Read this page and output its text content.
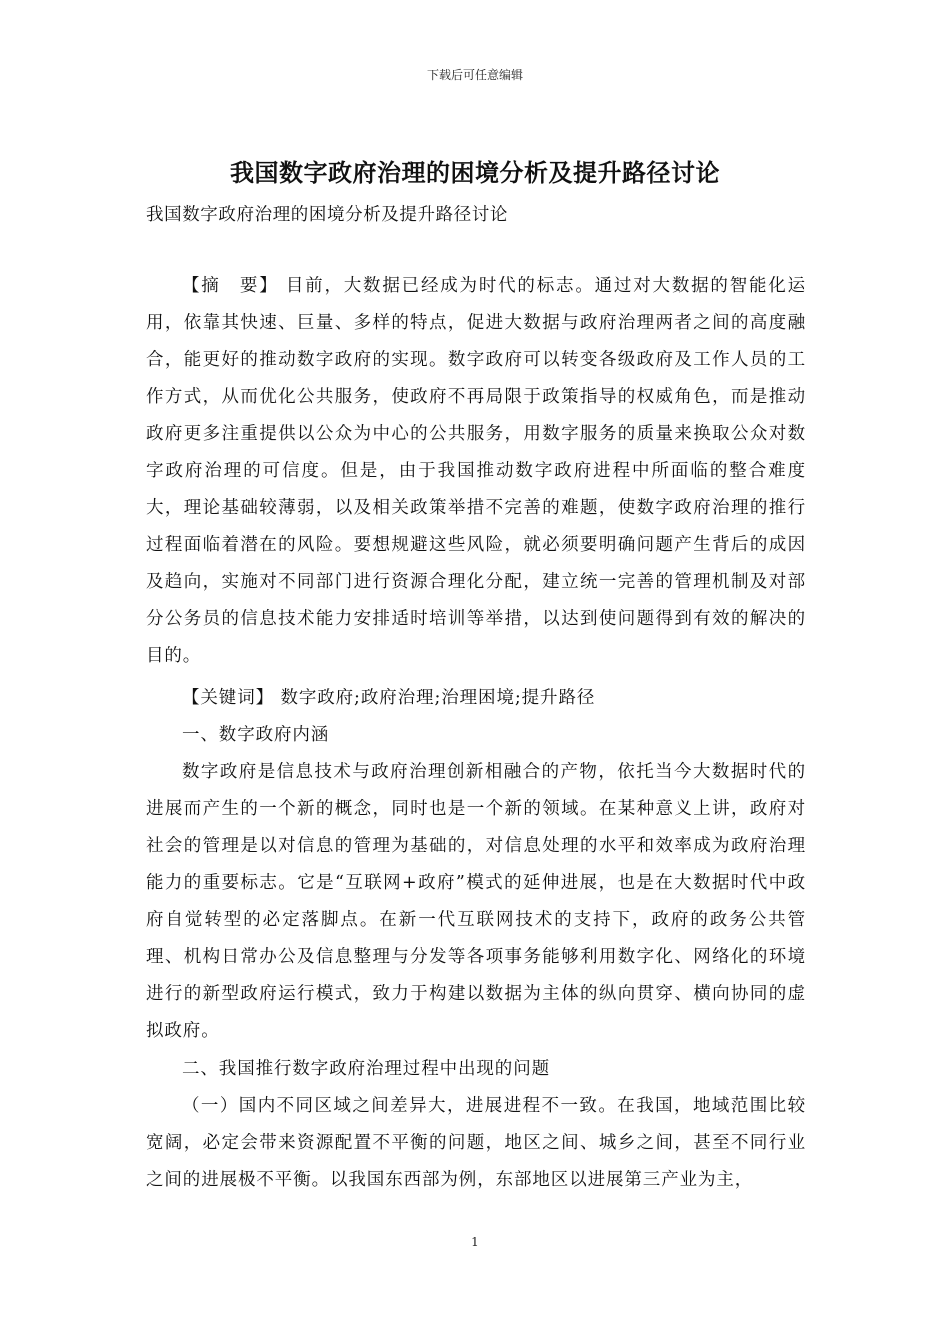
下载后可任意编辑
我国数字政府治理的困境分析及提升路径讨论
我国数字政府治理的困境分析及提升路径讨论

【摘　要】 目前，大数据已经成为时代的标志。通过对大数据的智能化运用，依靠其快速、巨量、多样的特点，促进大数据与政府治理两者之间的高度融合，能更好的推动数字政府的实现。数字政府可以转变各级政府及工作人员的工作方式，从而优化公共服务，使政府不再局限于政策指导的权威角色，而是推动政府更多注重提供以公众为中心的公共服务，用数字服务的质量来换取公众对数字政府治理的可信度。但是，由于我国推动数字政府进程中所面临的整合难度大，理论基础较薄弱，以及相关政策举措不完善的难题，使数字政府治理的推行过程面临着潜在的风险。要想规避这些风险，就必须要明确问题产生背后的成因及趋向，实施对不同部门进行资源合理化分配，建立统一完善的管理机制及对部分公务员的信息技术能力安排适时培训等举措，以达到使问题得到有效的解决的目的。

【关键词】 数字政府;政府治理;治理困境;提升路径

一、数字政府内涵

数字政府是信息技术与政府治理创新相融合的产物，依托当今大数据时代的进展而产生的一个新的概念，同时也是一个新的领域。在某种意义上讲，政府对社会的管理是以对信息的管理为基础的，对信息处理的水平和效率成为政府治理能力的重要标志。它是“互联网+政府”模式的延伸进展，也是在大数据时代中政府自觉转型的必定落脚点。在新一代互联网技术的支持下，政府的政务公共管理、机构日常办公及信息整理与分发等各项事务能够利用数字化、网络化的环境进行的新型政府运行模式，致力于构建以数据为主体的纵向贯穿、横向协同的虚拟政府。

二、我国推行数字政府治理过程中出现的问题

（一）国内不同区域之间差异大，进展进程不一致。在我国，地域范围比较宽阔，必定会带来资源配置不平衡的问题，地区之间、城乡之间，甚至不同行业之间的进展极不平衡。以我国东西部为例，东部地区以进展第三产业为主，

1
